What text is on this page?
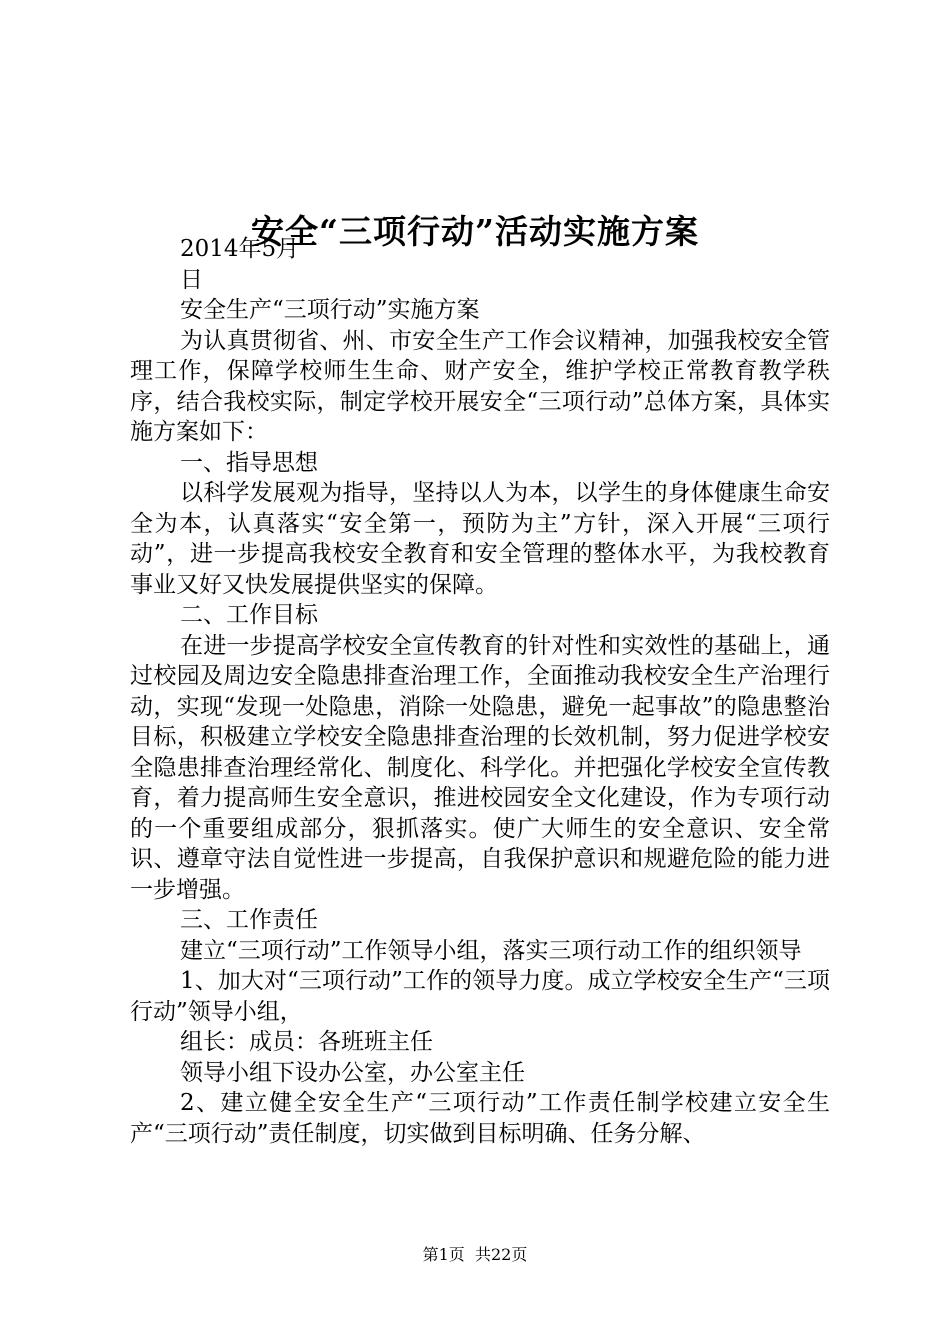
安全“三项行动”活动实施方案

2014年5月

日

安全生产“三项行动”实施方案

为认真贯彻省、州、市安全生产工作会议精神，加强我校安全管理工作，保障学校师生生命、财产安全，维护学校正常教育教学秩序，结合我校实际，制定学校开展安全“三项行动”总体方案，具体实施方案如下：

一、指导思想

以科学发展观为指导，坚持以人为本，以学生的身体健康生命安全为本，认真落实“安全第一，预防为主”方针，深入开展“三项行动”，进一步提高我校安全教育和安全管理的整体水平，为我校教育事业又好又快发展提供坚实的保障。

二、工作目标

在进一步提高学校安全宣传教育的针对性和实效性的基础上，通过校园及周边安全隐患排查治理工作，全面推动我校安全生产治理行动，实现“发现一处隐患，消除一处隐患，避免一起事故”的隐患整治目标，积极建立学校安全隐患排查治理的长效机制，努力促进学校安全隐患排查治理经常化、制度化、科学化。并把强化学校安全宣传教育，着力提高师生安全意识，推进校园安全文化建设，作为专项行动的一个重要组成部分，狠抓落实。使广大师生的安全意识、安全常识、遵章守法自觉性进一步提高，自我保护意识和规避危险的能力进一步增强。

三、工作责任

建立“三项行动”工作领导小组，落实三项行动工作的组织领导

1、加大对“三项行动”工作的领导力度。成立学校安全生产“三项行动”领导小组，

组长：成员：各班班主任

领导小组下设办公室，办公室主任

2、建立健全安全生产“三项行动”工作责任制学校建立安全生产“三项行动”责任制度，切实做到目标明确、任务分解、

第1页 共22页
